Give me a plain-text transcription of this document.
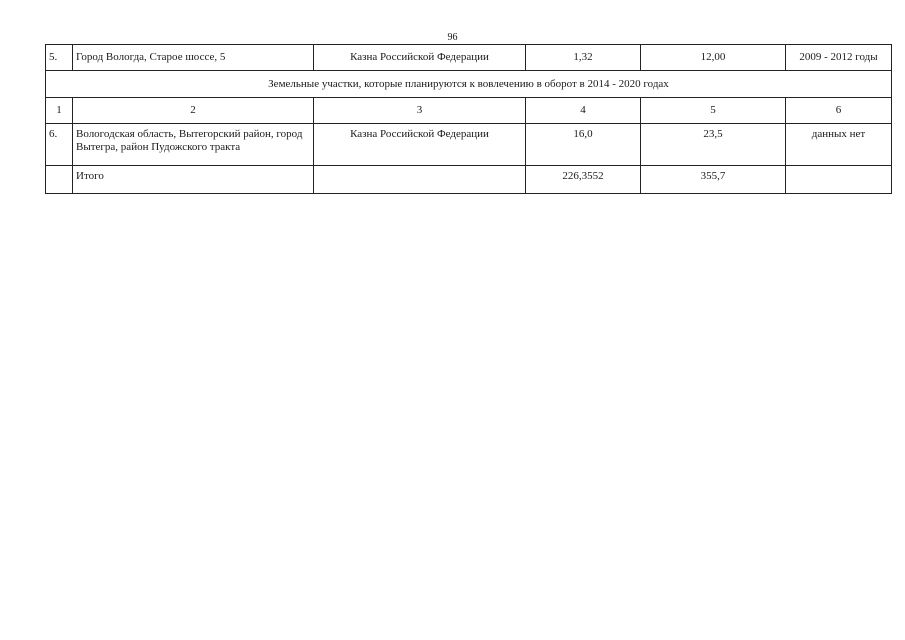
96
5.	Город Вологда, Старое шоссе, 5	Казна Российской Федерации	1,32	12,00	2009 - 2012 годы
Земельные участки, которые планируются к вовлечению в оборот в 2014 - 2020 годах					
1	2	3	4	5	6
6.	Вологодская область, Вытегорский район, город Вытегра, район Пудожского тракта	Казна Российской Федерации	16,0	23,5	данных нет
	Итого		226,3552	355,7	
